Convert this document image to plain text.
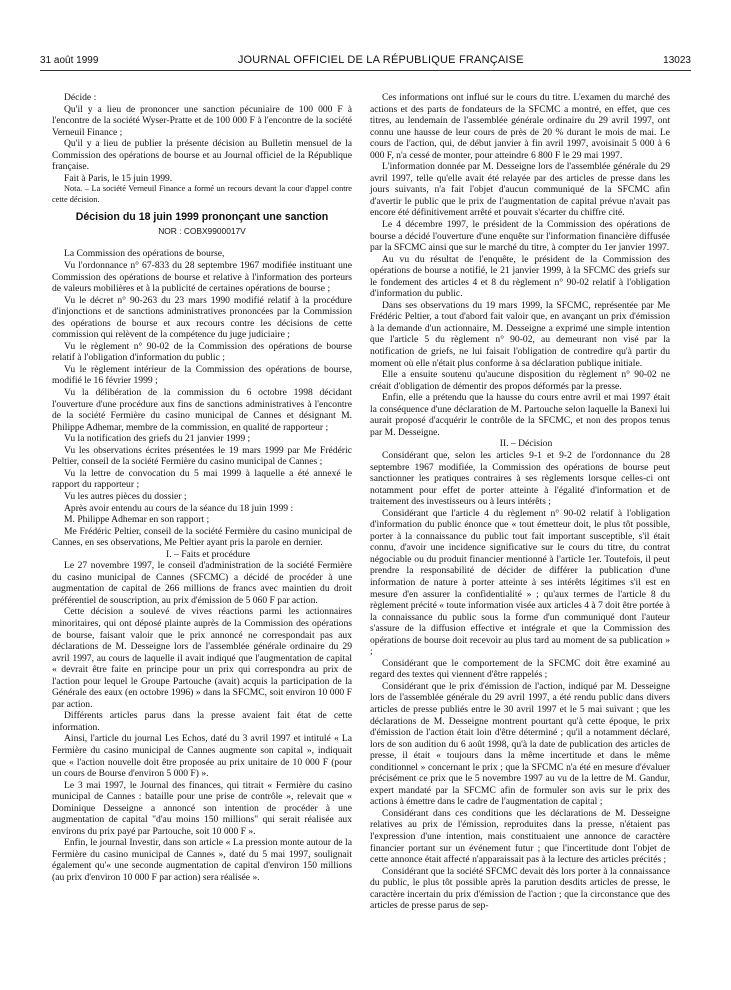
31 août 1999	JOURNAL OFFICIEL DE LA RÉPUBLIQUE FRANÇAISE	13023

Décide :

Qu'il y a lieu de prononcer une sanction pécuniaire de 100 000 F à l'encontre de la société Wyser-Pratte et de 100 000 F à l'encontre de la société Verneuil Finance ;

Qu'il y a lieu de publier la présente décision au Bulletin mensuel de la Commission des opérations de bourse et au Journal officiel de la République française.

Fait à Paris, le 15 juin 1999.

Nota. – La société Verneuil Finance a formé un recours devant la cour d'appel contre cette décision.

Décision du 18 juin 1999 prononçant une sanction
NOR : COBX9900017V

La Commission des opérations de bourse,

Vu l'ordonnance n° 67-833 du 28 septembre 1967 modifiée instituant une Commission des opérations de bourse et relative à l'information des porteurs de valeurs mobilières et à la publicité de certaines opérations de bourse ;

Vu le décret n° 90-263 du 23 mars 1990 modifié relatif à la procédure d'injonctions et de sanctions administratives prononcées par la Commission des opérations de bourse et aux recours contre les décisions de cette commission qui relèvent de la compétence du juge judiciaire ;

Vu le règlement n° 90-02 de la Commission des opérations de bourse relatif à l'obligation d'information du public ;

Vu le règlement intérieur de la Commission des opérations de bourse, modifié le 16 février 1999 ;

Vu la délibération de la commission du 6 octobre 1998 décidant l'ouverture d'une procédure aux fins de sanctions administratives à l'encontre de la société Fermière du casino municipal de Cannes et désignant M. Philippe Adhemar, membre de la commission, en qualité de rapporteur ;

Vu la notification des griefs du 21 janvier 1999 ;

Vu les observations écrites présentées le 19 mars 1999 par Me Frédéric Peltier, conseil de la société Fermière du casino municipal de Cannes ;

Vu la lettre de convocation du 5 mai 1999 à laquelle a été annexé le rapport du rapporteur ;

Vu les autres pièces du dossier ;

Après avoir entendu au cours de la séance du 18 juin 1999 :

M. Philippe Adhemar en son rapport ;

Me Frédéric Peltier, conseil de la société Fermière du casino municipal de Cannes, en ses observations, Me Peltier ayant pris la parole en dernier.

I. – Faits et procédure

Le 27 novembre 1997, le conseil d'administration de la société Fermière du casino municipal de Cannes (SFCMC) a décidé de procéder à une augmentation de capital de 266 millions de francs avec maintien du droit préférentiel de souscription, au prix d'émission de 5 060 F par action.

Cette décision a soulevé de vives réactions parmi les actionnaires minoritaires, qui ont déposé plainte auprès de la Commission des opérations de bourse, faisant valoir que le prix annoncé ne correspondait pas aux déclarations de M. Desseigne lors de l'assemblée générale ordinaire du 29 avril 1997, au cours de laquelle il avait indiqué que l'augmentation de capital « devrait être faite en principe pour un prix qui correspondra au prix de l'action pour lequel le Groupe Partouche (avait) acquis la participation de la Générale des eaux (en octobre 1996) » dans la SFCMC, soit environ 10 000 F par action.

Différents articles parus dans la presse avaient fait état de cette information.

Ainsi, l'article du journal Les Echos, daté du 3 avril 1997 et intitulé « La Fermière du casino municipal de Cannes augmente son capital », indiquait que « l'action nouvelle doit être proposée au prix unitaire de 10 000 F (pour un cours de Bourse d'environ 5 000 F) ».

Le 3 mai 1997, le Journal des finances, qui titrait « Fermière du casino municipal de Cannes : bataille pour une prise de contrôle », relevait que « Dominique Desseigne a annoncé son intention de procéder à une augmentation de capital "d'au moins 150 millions" qui serait réalisée aux environs du prix payé par Partouche, soit 10 000 F ».

Enfin, le journal Investir, dans son article « La pression monte autour de la Fermière du casino municipal de Cannes », daté du 5 mai 1997, soulignait également qu'« une seconde augmentation de capital d'environ 150 millions (au prix d'environ 10 000 F par action) sera réalisée ».

Ces informations ont influé sur le cours du titre. L'examen du marché des actions et des parts de fondateurs de la SFCMC a montré, en effet, que ces titres, au lendemain de l'assemblée générale ordinaire du 29 avril 1997, ont connu une hausse de leur cours de près de 20 % durant le mois de mai. Le cours de l'action, qui, de début janvier à fin avril 1997, avoisinait 5 000 à 6 000 F, n'a cessé de monter, pour atteindre 6 800 F le 29 mai 1997.

L'information donnée par M. Desseigne lors de l'assemblée générale du 29 avril 1997, telle qu'elle avait été relayée par des articles de presse dans les jours suivants, n'a fait l'objet d'aucun communiqué de la SFCMC afin d'avertir le public que le prix de l'augmentation de capital prévue n'avait pas encore été définitivement arrêté et pouvait s'écarter du chiffre cité.

Le 4 décembre 1997, le président de la Commission des opérations de bourse a décidé l'ouverture d'une enquête sur l'information financière diffusée par la SFCMC ainsi que sur le marché du titre, à compter du 1er janvier 1997.

Au vu du résultat de l'enquête, le président de la Commission des opérations de bourse a notifié, le 21 janvier 1999, à la SFCMC des griefs sur le fondement des articles 4 et 8 du règlement n° 90-02 relatif à l'obligation d'information du public.

Dans ses observations du 19 mars 1999, la SFCMC, représentée par Me Frédéric Peltier, a tout d'abord fait valoir que, en avançant un prix d'émission à la demande d'un actionnaire, M. Desseigne a exprimé une simple intention que l'article 5 du règlement n° 90-02, au demeurant non visé par la notification de griefs, ne lui faisait l'obligation de contredire qu'à partir du moment où elle n'était plus conforme à sa déclaration publique initiale.

Elle a ensuite soutenu qu'aucune disposition du règlement n° 90-02 ne créait d'obligation de démentir des propos déformés par la presse.

Enfin, elle a prétendu que la hausse du cours entre avril et mai 1997 était la conséquence d'une déclaration de M. Partouche selon laquelle la Banexi lui aurait proposé d'acquérir le contrôle de la SFCMC, et non des propos tenus par M. Desseigne.

II. – Décision

Considérant que, selon les articles 9-1 et 9-2 de l'ordonnance du 28 septembre 1967 modifiée, la Commission des opérations de bourse peut sanctionner les pratiques contraires à ses règlements lorsque celles-ci ont notamment pour effet de porter atteinte à l'égalité d'information et de traitement des investisseurs ou à leurs intérêts ;

Considérant que l'article 4 du règlement n° 90-02 relatif à l'obligation d'information du public énonce que « tout émetteur doit, le plus tôt possible, porter à la connaissance du public tout fait important susceptible, s'il était connu, d'avoir une incidence significative sur le cours du titre, du contrat négociable ou du produit financier mentionné à l'article 1er. Toutefois, il peut prendre la responsabilité de décider de différer la publication d'une information de nature à porter atteinte à ses intérêts légitimes s'il est en mesure d'en assurer la confidentialité » ; qu'aux termes de l'article 8 du règlement précité « toute information visée aux articles 4 à 7 doit être portée à la connaissance du public sous la forme d'un communiqué dont l'auteur s'assure de la diffusion effective et intégrale et que la Commission des opérations de bourse doit recevoir au plus tard au moment de sa publication » ;

Considérant que le comportement de la SFCMC doit être examiné au regard des textes qui viennent d'être rappelés ;

Considérant que le prix d'émission de l'action, indiqué par M. Desseigne lors de l'assemblée générale du 29 avril 1997, a été rendu public dans divers articles de presse publiés entre le 30 avril 1997 et le 5 mai suivant ; que les déclarations de M. Desseigne montrent pourtant qu'à cette époque, le prix d'émission de l'action était loin d'être déterminé ; qu'il a notamment déclaré, lors de son audition du 6 août 1998, qu'à la date de publication des articles de presse, il était « toujours dans la même incertitude et dans le même conditionnel » concernant le prix ; que la SFCMC n'a été en mesure d'évaluer précisément ce prix que le 5 novembre 1997 au vu de la lettre de M. Gandur, expert mandaté par la SFCMC afin de formuler son avis sur le prix des actions à émettre dans le cadre de l'augmentation de capital ;

Considérant dans ces conditions que les déclarations de M. Desseigne relatives au prix de l'émission, reproduites dans la presse, n'étaient pas l'expression d'une intention, mais constituaient une annonce de caractère financier portant sur un événement futur ; que l'incertitude dont l'objet de cette annonce était affecté n'apparaissait pas à la lecture des articles précités ;

Considérant que la société SFCMC devait dès lors porter à la connaissance du public, le plus tôt possible après la parution desdits articles de presse, le caractère incertain du prix d'émission de l'action ; que la circonstance que des articles de presse parus de sep-
